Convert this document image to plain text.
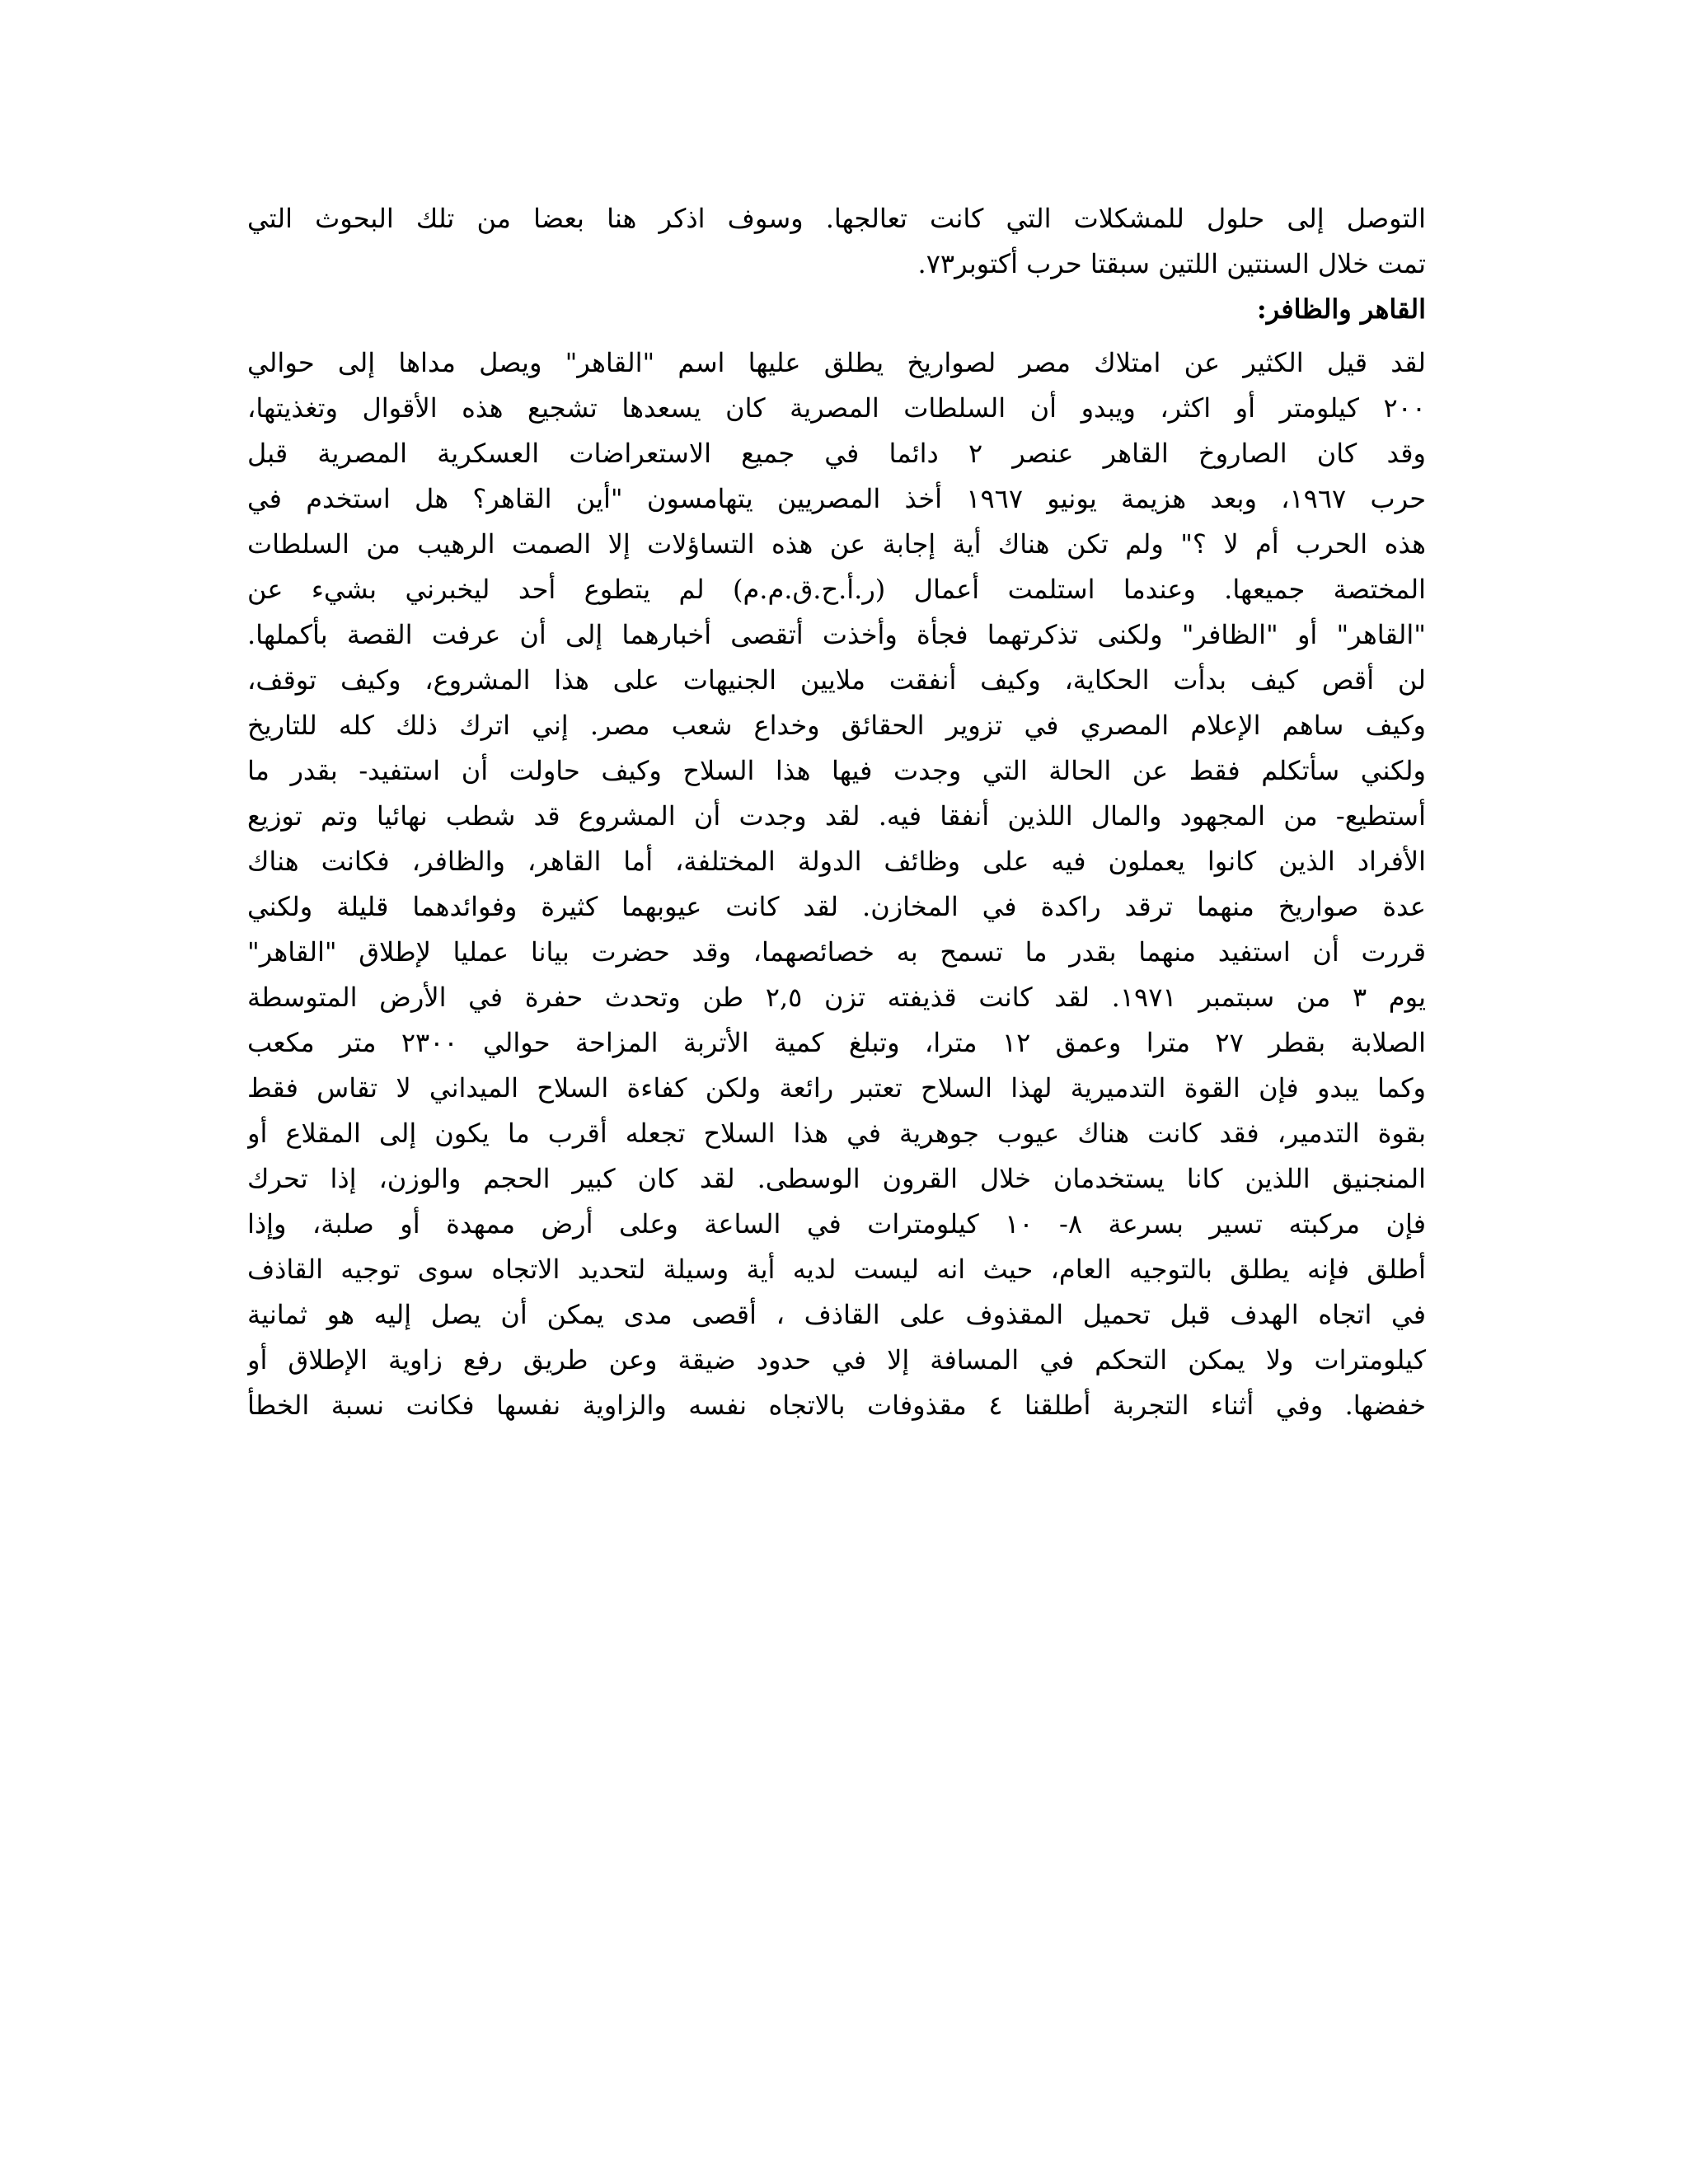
التوصل إلى حلول للمشكلات التي كانت تعالجها. وسوف اذكر هنا بعضا من تلك البحوث التي
تمت خلال السنتين اللتين سبقتا حرب أكتوبر٧٣.
القاهر والظافر:
لقد قيل الكثير عن امتلاك مصر لصواريخ يطلق عليها اسم "القاهر" ويصل مداها إلى حوالي
٢٠٠ كيلومتر أو اكثر، ويبدو أن السلطات المصرية كان يسعدها تشجيع هذه الأقوال وتغذيتها،
وقد كان الصاروخ القاهر عنصر ٢ دائما في جميع الاستعراضات العسكرية المصرية قبل
حرب ١٩٦٧، وبعد هزيمة يونيو ١٩٦٧ أخذ المصريين يتهامسون "أين القاهر؟ هل استخدم في
هذه الحرب أم لا ؟" ولم تكن هناك أية إجابة عن هذه التساؤلات إلا الصمت الرهيب من السلطات
المختصة جميعها. وعندما استلمت أعمال (ر.أ.ح.ق.م.م) لم يتطوع أحد ليخبرني بشيء عن
"القاهر" أو "الظافر" ولكنى تذكرتهما فجأة وأخذت أتقصى أخبارهما إلى أن عرفت القصة بأكملها.
لن أقص كيف بدأت الحكاية، وكيف أنفقت ملايين الجنيهات على هذا المشروع، وكيف توقف،
وكيف ساهم الإعلام المصري في تزوير الحقائق وخداع شعب مصر. إني اترك ذلك كله للتاريخ
ولكني سأتكلم فقط عن الحالة التي وجدت فيها هذا السلاح وكيف حاولت أن استفيد- بقدر ما
أستطيع- من المجهود والمال اللذين أنفقا فيه. لقد وجدت أن المشروع قد شطب نهائيا وتم توزيع
الأفراد الذين كانوا يعملون فيه على وظائف الدولة المختلفة، أما القاهر، والظافر، فكانت هناك
عدة صواريخ منهما ترقد راكدة في المخازن. لقد كانت عيوبهما كثيرة وفوائدهما قليلة ولكني
قررت أن استفيد منهما بقدر ما تسمح به خصائصهما، وقد حضرت بيانا عمليا لإطلاق "القاهر"
يوم ٣ من سبتمبر ١٩٧١. لقد كانت قذيفته تزن ٢,٥ طن وتحدث حفرة في الأرض المتوسطة
الصلابة بقطر ٢٧ مترا وعمق ١٢ مترا، وتبلغ كمية الأتربة المزاحة حوالي ٢٣٠٠ متر مكعب
وكما يبدو فإن القوة التدميرية لهذا السلاح تعتبر رائعة ولكن كفاءة السلاح الميداني لا تقاس فقط
بقوة التدمير، فقد كانت هناك عيوب جوهرية في هذا السلاح تجعله أقرب ما يكون إلى المقلاع أو
المنجنيق اللذين كانا يستخدمان خلال القرون الوسطى. لقد كان كبير الحجم والوزن، إذا تحرك
فإن مركبته تسير بسرعة ٨- ١٠ كيلومترات في الساعة وعلى أرض ممهدة أو صلبة، وإذا
أطلق فإنه يطلق بالتوجيه العام، حيث انه ليست لديه أية وسيلة لتحديد الاتجاه سوى توجيه القاذف
في اتجاه الهدف قبل تحميل المقذوف على القاذف ، أقصى مدى يمكن أن يصل إليه هو ثمانية
كيلومترات ولا يمكن التحكم في المسافة إلا في حدود ضيقة وعن طريق رفع زاوية الإطلاق أو
خفضها. وفي أثناء التجربة أطلقنا ٤ مقذوفات بالاتجاه نفسه والزاوية نفسها فكانت نسبة الخطأ
